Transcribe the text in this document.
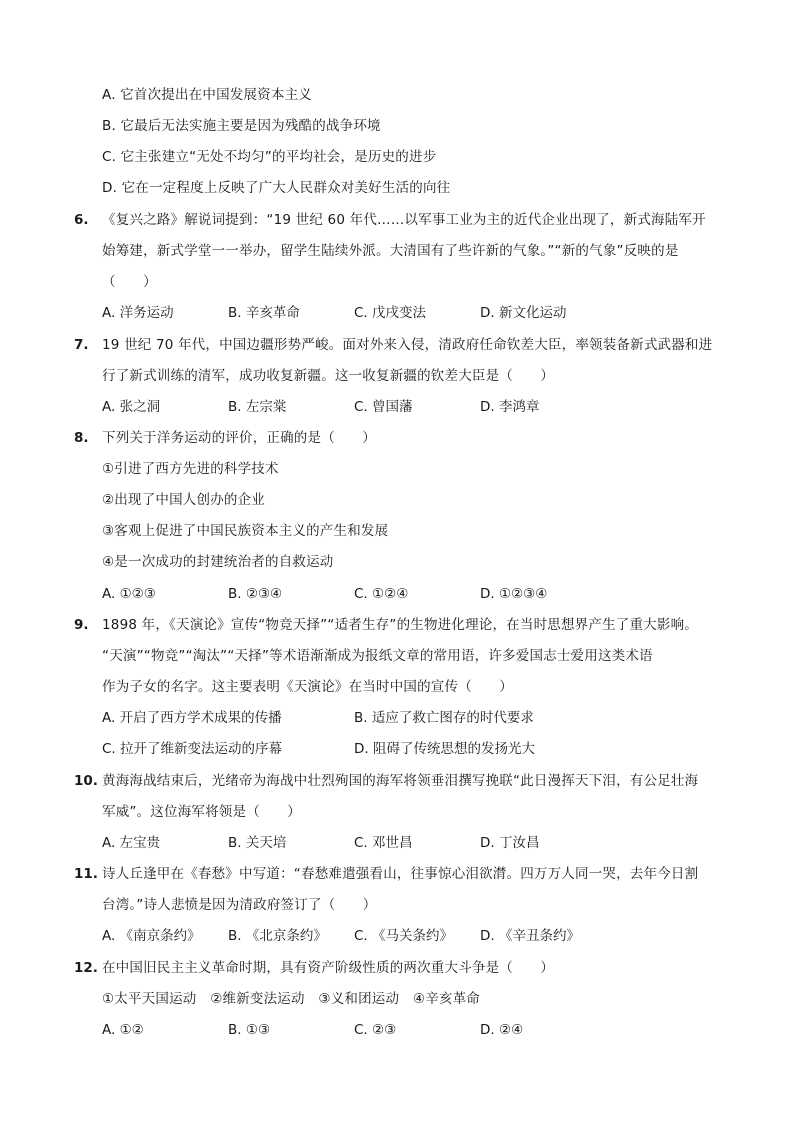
A. 它首次提出在中国发展资本主义
B. 它最后无法实施主要是因为残酷的战争环境
C. 它主张建立“无处不均匀”的平均社会，是历史的进步
D. 它在一定程度上反映了广大人民群众对美好生活的向往
6. 《复兴之路》解说词提到：“19 世纪 60 年代……以军事工业为主的近代企业出现了，新式海陆军开
始筹建，新式学堂一一举办，留学生陆续外派。大清国有了些许新的气象。”“新的气象”反映的是
（　　）
A. 洋务运动	B. 辛亥革命	C. 戊戌变法	D. 新文化运动
7. 19 世纪 70 年代，中国边疆形势严峻。面对外来入侵，清政府任命钦差大臣，率领装备新式武器和进
行了新式训练的清军，成功收复新疆。这一收复新疆的钦差大臣是（　　）
A. 张之洞	B. 左宗棠	C. 曾国藩	D. 李鸿章
8. 下列关于洋务运动的评价，正确的是（　　）
①引进了西方先进的科学技术
②出现了中国人创办的企业
③客观上促进了中国民族资本主义的产生和发展
④是一次成功的封建统治者的自救运动
A. ①②③	B. ②③④	C. ①②④	D. ①②③④
9. 1898 年，《天演论》宣传“物竞天择”“适者生存”的生物进化理论，在当时思想界产生了重大影响。
“天演”“物竞”“淘汰”“天择”等术语渐渐成为报纸文章的常用语，许多爱国志士爱用这类术语
作为子女的名字。这主要表明《天演论》在当时中国的宣传（　　）
A. 开启了西方学术成果的传播	B. 适应了救亡图存的时代要求
C. 拉开了维新变法运动的序幕	D. 阻碍了传统思想的发扬光大
10. 黄海海战结束后，光绪帝为海战中壮烈殉国的海军将领垂泪撰写挽联“此日漫挥天下泪，有公足壮海
军威”。这位海军将领是（　　）
A. 左宝贵	B. 关天培	C. 邓世昌	D. 丁汝昌
11. 诗人丘逢甲在《春愁》中写道：“春愁难遣强看山，往事惊心泪欲潸。四万万人同一哭，去年今日割
台湾。”诗人悲愤是因为清政府签订了（　　）
A. 《南京条约》 B. 《北京条约》 C. 《马关条约》 D. 《辛丑条约》
12. 在中国旧民主主义革命时期，具有资产阶级性质的两次重大斗争是（　　）
①太平天国运动　②维新变法运动　③义和团运动　④辛亥革命
A. ①②	B. ①③	C. ②③	D. ②④
